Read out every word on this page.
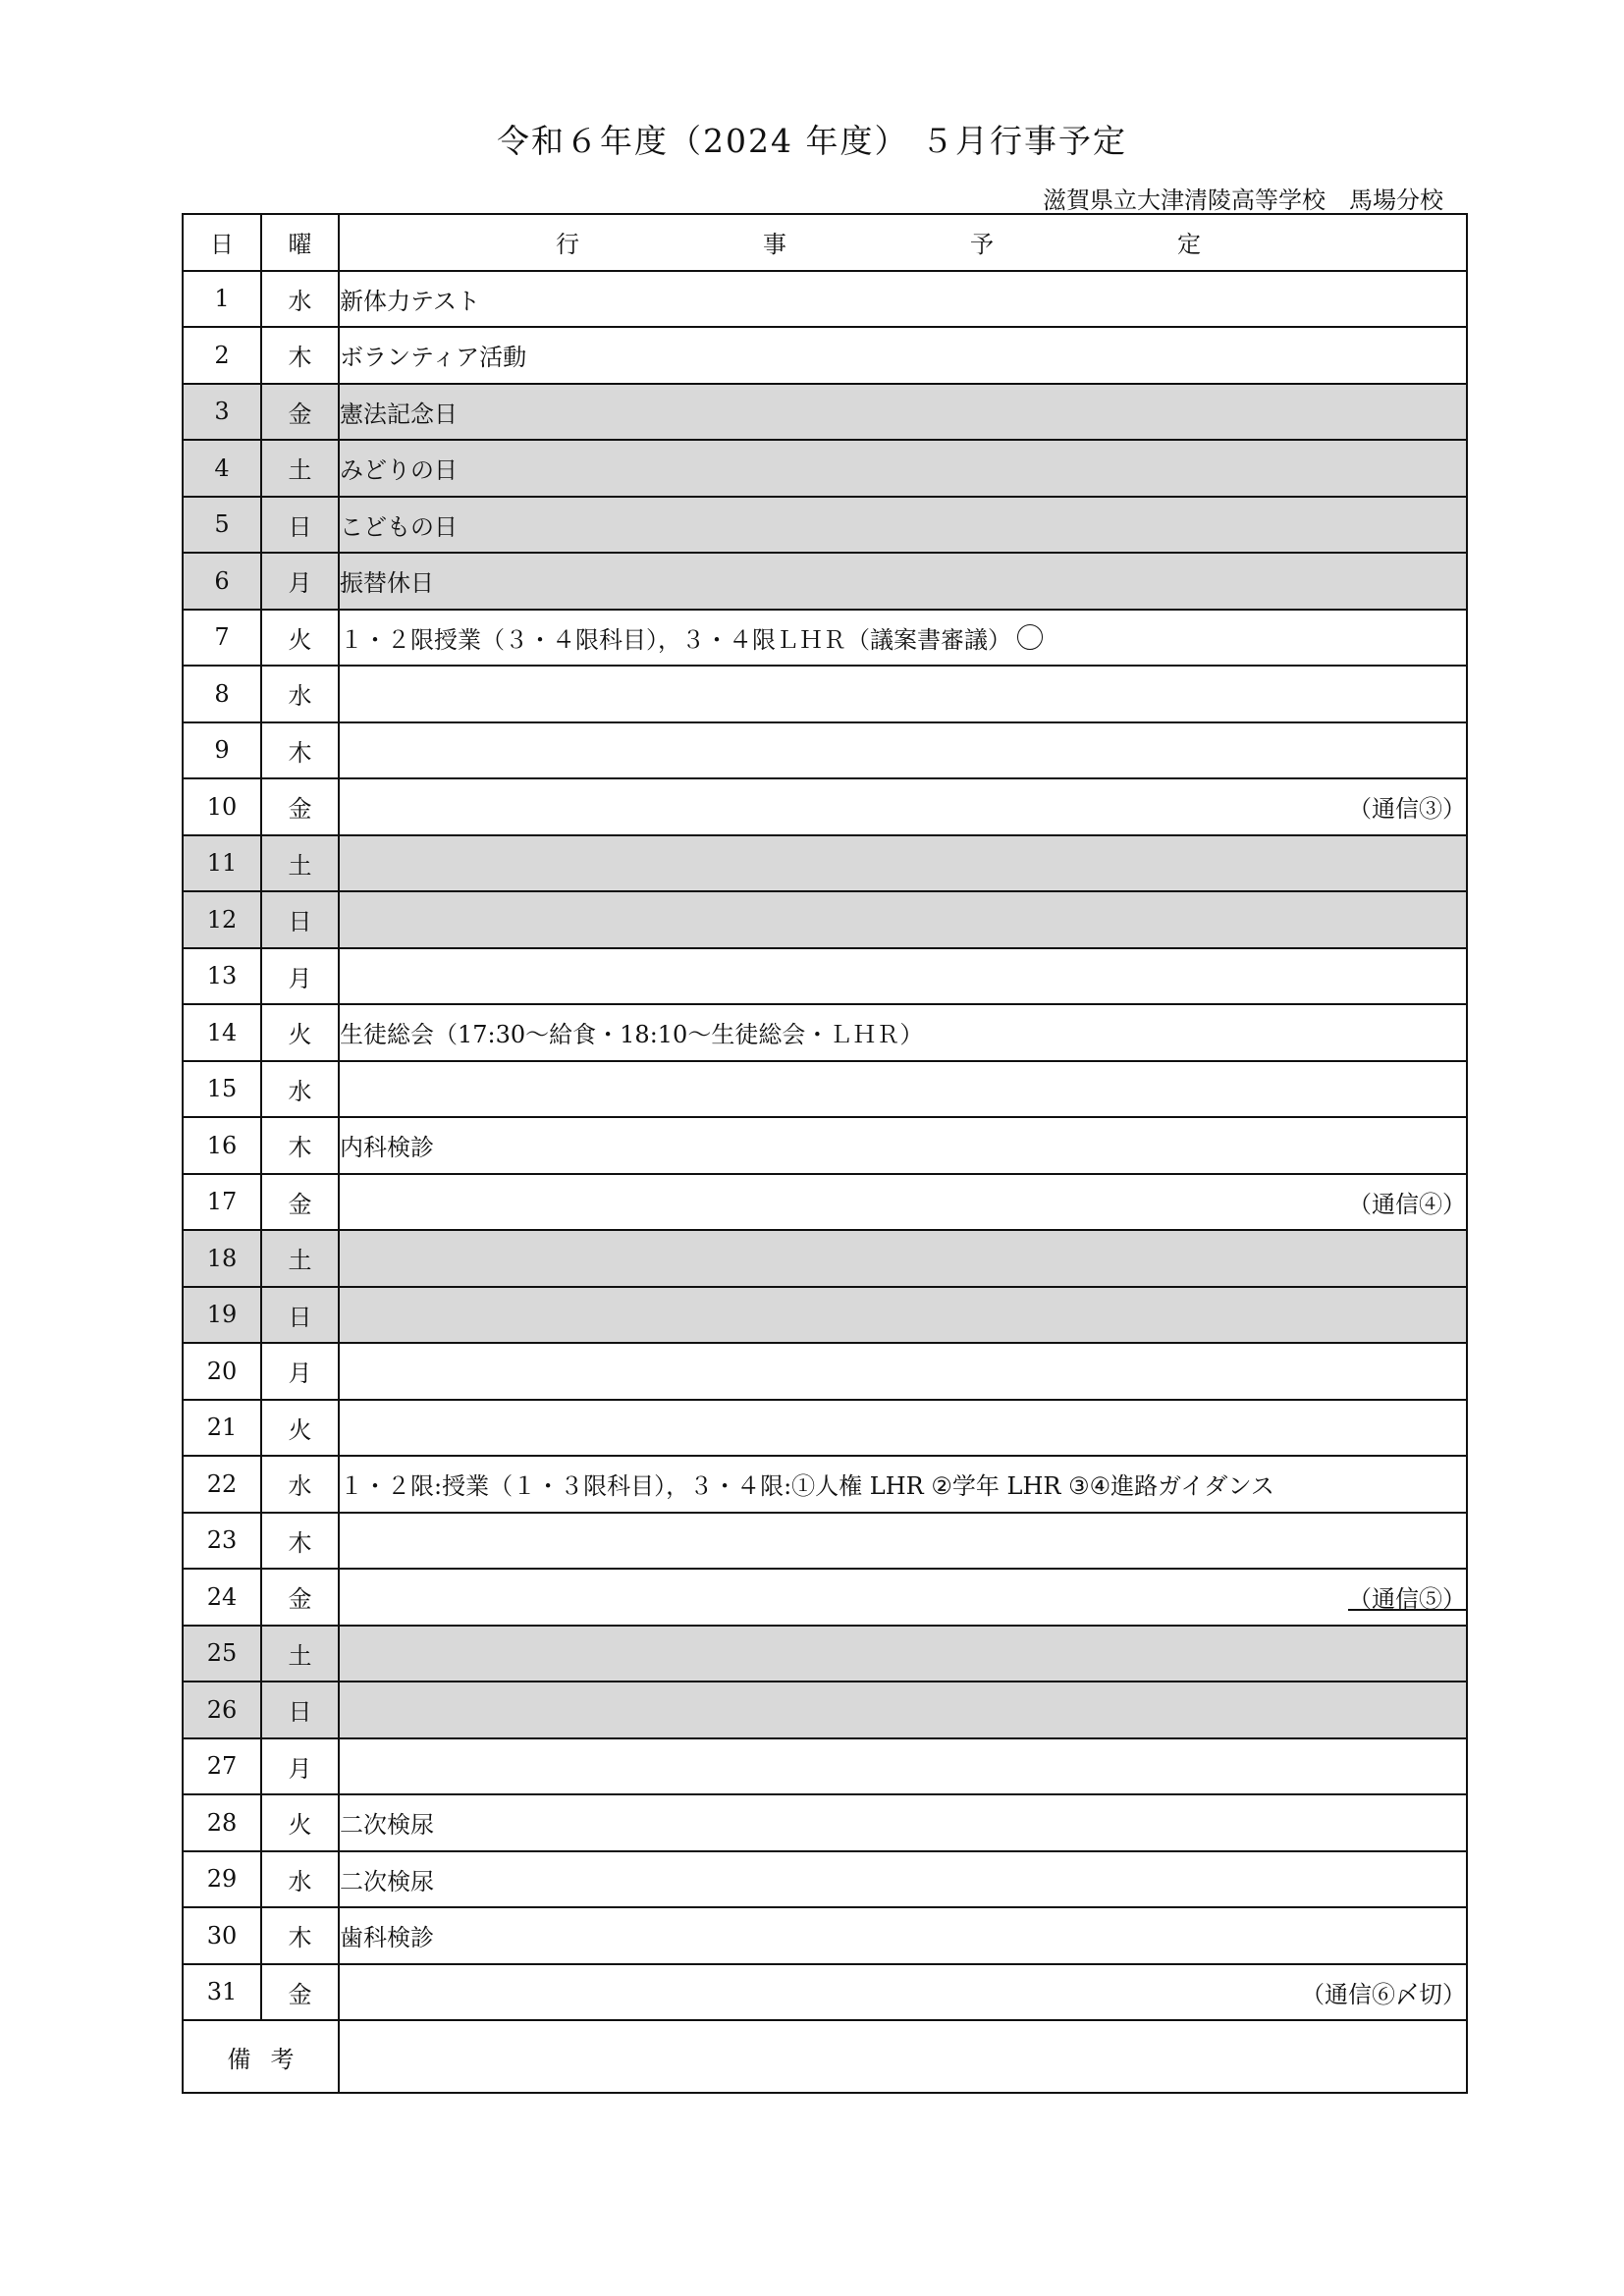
令和６年度（2024 年度） ５月行事予定
滋賀県立大津清陵高等学校　馬場分校
日	曜	行 事 予 定

1	水	新体力テスト
2	木	ボランティア活動
3	金	憲法記念日
4	土	みどりの日
5	日	こどもの日
6	月	振替休日
7	火	１・２限授業（３・４限科目），３・４限ＬＨＲ（議案書審議）
8	水	
9	木	
10	金	（通信③）

11	土	
12	日	
13	月	
14	火	生徒総会（17:30～給食・18:10～生徒総会・ＬＨＲ）
15	水	
16	木	内科検診
17	金	（通信④）

18	土	
19	日	
20	月	
21	火	
22	水	１・２限:授業（１・３限科目），３・４限:①人権 LHR ②学年 LHR ③④進路ガイダンス
23	木	
24	金	（通信⑤）

25	土	
26	日	
27	月	
28	火	二次検尿
29	水	二次検尿
30	木	歯科検診
31	金	（通信⑥〆切）

備考		
